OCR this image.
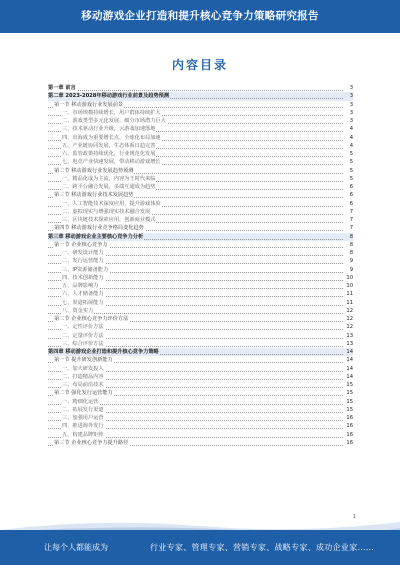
移动游戏企业打造和提升核心竞争力策略研究报告
内容目录
第一章 前言	3
第二章 2023-2028年移动游戏行业前景及趋势预测	3
第一节 移动游戏行业发展前景	3
一、市场规模持续增长，用户群体持续扩大	3
二、游戏类型多元化发展，细分市场潜力巨大	3
三、技术驱动行业升级，云游戏加速落地	4
四、出海成为重要增长点，全球化布局加速	4
五、产业链协同发展，生态体系日趋完善	4
六、监管政策持续优化，行业规范化发展	5
七、电竞产业快速发展，带动移动游戏增长	5
第二节 移动游戏行业发展趋势预测	5
一、精品化成为主流，内容为王时代来临	5
二、跨平台融合发展，多端互通成为趋势	6
第三节 移动游戏行业技术发展趋势	6
一、人工智能技术深度应用，提升游戏体验	6
二、虚拟现实与增强现实技术融合发展	7
三、区块链技术探索应用，创新商业模式	7
第四节 移动游戏行业竞争格局变化趋势	7
第三章 移动游戏企业主要核心竞争力分析	8
第一节 企业核心竞争力	8
一、研发设计能力	8
二、发行运营能力	9
三、IP资源储备能力	9
四、技术创新能力	10
五、品牌影响力	10
六、人才储备能力	11
七、渠道拓展能力	11
八、资金实力	12
第二节 企业核心竞争力评价方法	12
一、定性评价方法	12
二、定量评价方法	13
三、综合评价方法	13
第四章 移动游戏企业打造和提升核心竞争力策略	14
第一节 提升研发创新能力	14
一、加大研发投入	14
二、打造精品内容	14
三、布局前沿技术	15
第二节 强化发行运营能力	15
一、精细化运营	15
二、拓展发行渠道	15
三、加强用户运营	16
四、推进海外发行	16
五、构建品牌矩阵	16
第三节 企业核心竞争力提升路径	16
1
让每个人都能成为	行业专家、管理专家、营销专家、战略专家、成功企业家……
